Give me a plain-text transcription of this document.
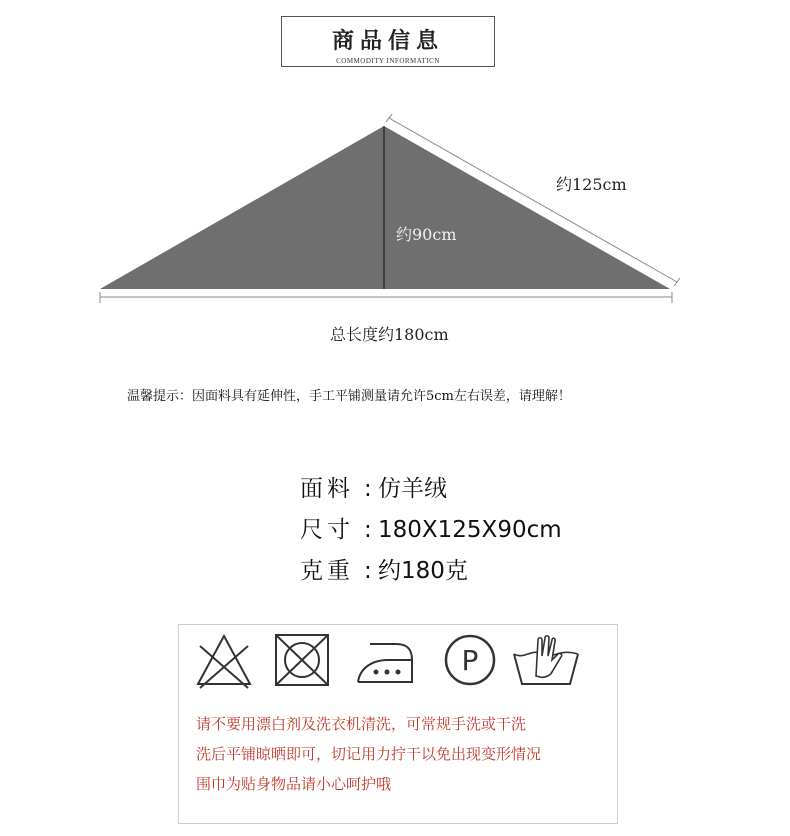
商品信息
COMMODITY INFORMATICN
约125cm
约90cm
总长度约180cm
温馨提示：因面料具有延伸性，手工平铺测量请允许5cm左右误差，请理解！
面料 : 仿羊绒
尺寸 : 180X125X90cm
克重 : 约180克
P
请不要用漂白剂及洗衣机清洗，可常规手洗或干洗
洗后平铺晾晒即可，切记用力拧干以免出现变形情况
围巾为贴身物品请小心呵护哦
